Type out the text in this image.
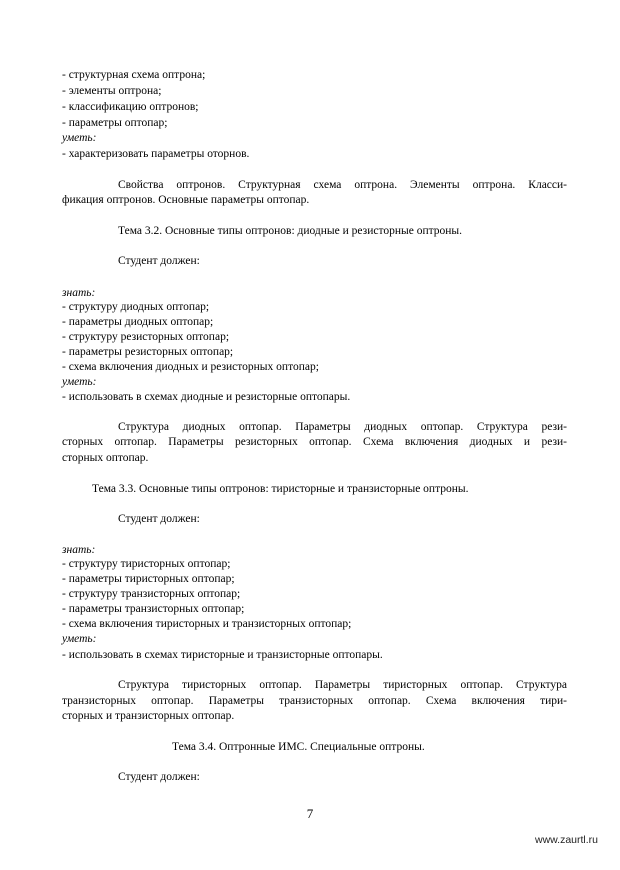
- структурная схема оптрона;
- элементы оптрона;
- классификацию оптронов;
- параметры оптопар;
уметь:
- характеризовать параметры оторнов.
Свойства оптронов. Структурная схема оптрона. Элементы оптрона. Класси-
фикация оптронов. Основные параметры оптопар.
Тема 3.2. Основные типы оптронов: диодные и резисторные оптроны.
Студент должен:
знать:
- структуру диодных оптопар;
- параметры диодных оптопар;
- структуру резисторных оптопар;
- параметры резисторных оптопар;
- схема включения диодных и резисторных оптопар;
уметь:
- использовать в схемах диодные и резисторные оптопары.
Структура диодных оптопар. Параметры диодных оптопар. Структура рези-
сторных оптопар. Параметры резисторных оптопар. Схема включения диодных и рези-
сторных оптопар.
Тема 3.3. Основные типы оптронов: тиристорные и транзисторные оптроны.
Студент должен:
знать:
- структуру тиристорных оптопар;
- параметры тиристорных оптопар;
- структуру транзисторных оптопар;
- параметры транзисторных оптопар;
- схема включения тиристорных и транзисторных оптопар;
уметь:
- использовать в схемах тиристорные и транзисторные оптопары.
Структура тиристорных оптопар. Параметры тиристорных оптопар. Структура
транзисторных оптопар. Параметры транзисторных оптопар. Схема включения тири-
сторных и транзисторных оптопар.
Тема 3.4. Оптронные ИМС. Специальные оптроны.
Студент должен:
7
www.zaurtl.ru
